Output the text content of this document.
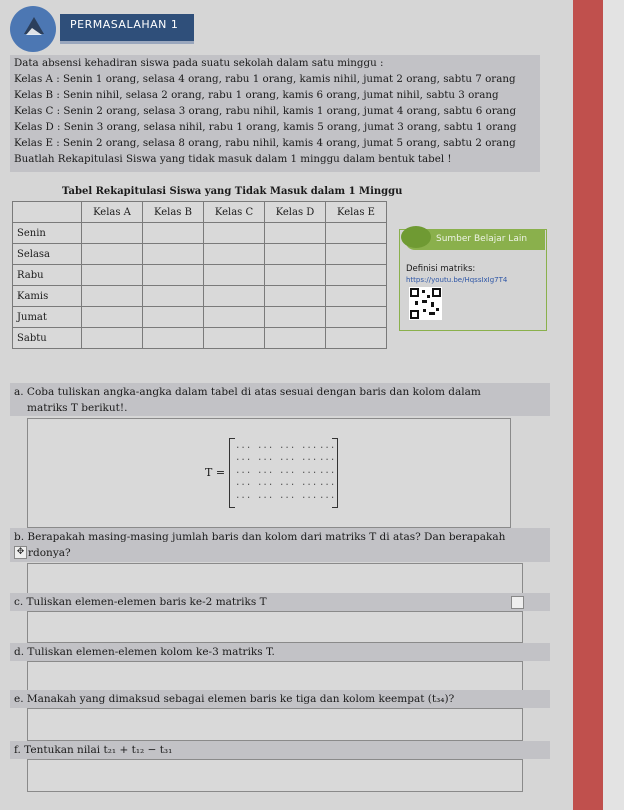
PERMASALAHAN 1
Data absensi kehadiran siswa pada suatu sekolah dalam satu minggu :
Kelas A : Senin 1 orang, selasa 4 orang, rabu 1 orang, kamis nihil, jumat 2 orang, sabtu 7 orang
Kelas B : Senin nihil, selasa 2 orang, rabu 1 orang, kamis 6 orang, jumat nihil, sabtu 3 orang
Kelas C : Senin 2 orang, selasa 3 orang, rabu nihil, kamis 1 orang, jumat 4 orang, sabtu 6 orang
Kelas D : Senin 3 orang, selasa nihil, rabu 1 orang, kamis 5 orang, jumat 3 orang, sabtu 1 orang
Kelas E : Senin 2 orang, selasa 8 orang, rabu nihil, kamis 4 orang, jumat 5 orang, sabtu 2 orang
Buatlah Rekapitulasi Siswa yang tidak masuk dalam 1 minggu dalam bentuk tabel !
Tabel Rekapitulasi Siswa yang Tidak Masuk dalam 1 Minggu
	Kelas A	Kelas B	Kelas C	Kelas D	Kelas E
Senin					
Selasa					
Rabu					
Kamis					
Jumat					
Sabtu					
Sumber Belajar Lain
Definisi matriks:
https://youtu.be/HqssIxIg7T4
a. Coba tuliskan angka-angka dalam tabel di atas sesuai dengan baris dan kolom dalam
matriks T berikut!.
T =
...
...
...
...
...
...
...
...
...
...
...
...
...
...
...
...
...
...
...
...
...
...
...
...
...
b. Berapakah masing-masing jumlah baris dan kolom dari matriks T di atas? Dan berapakah
✥ rdonya?
c. Tuliskan elemen-elemen baris ke-2 matriks T
d. Tuliskan elemen-elemen kolom ke-3 matriks T.
e. Manakah yang dimaksud sebagai elemen baris ke tiga dan kolom keempat (t₃₄)?
f. Tentukan nilai t₂₁ + t₁₂ − t₃₁
